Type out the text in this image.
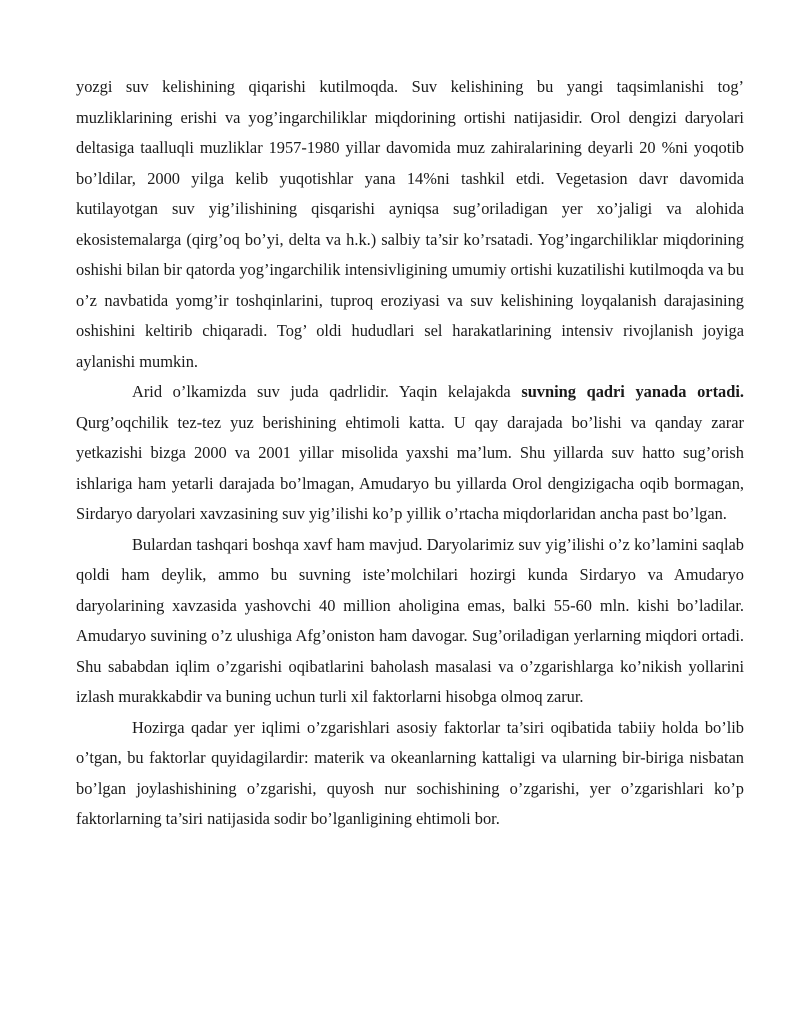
yozgi suv kelishining qiqarishi kutilmoqda. Suv kelishining bu yangi taqsimlanishi tog’ muzliklarining erishi va yog’ingarchiliklar miqdorining ortishi natijasidir. Orol dengizi daryolari deltasiga taalluqli muzliklar 1957-1980 yillar davomida muz zahiralarining deyarli 20 %ni yoqotib bo’ldilar, 2000 yilga kelib yuqotishlar yana 14%ni tashkil etdi. Vegetasion davr davomida kutilayotgan suv yig’ilishining qisqarishi ayniqsa sug’oriladigan yer xo’jaligi va alohida ekosistemalarga (qirg’oq bo’yi, delta va h.k.) salbiy ta’sir ko’rsatadi. Yog’ingarchiliklar miqdorining oshishi bilan bir qatorda yog’ingarchilik intensivligining umumiy ortishi kuzatilishi kutilmoqda va bu o’z navbatida yomg’ir toshqinlarini, tuproq eroziyasi va suv kelishining loyqalanish darajasining oshishini keltirib chiqaradi. Tog’ oldi hududlari sel harakatlarining intensiv rivojlanish joyiga aylanishi mumkin.

Arid o’lkamizda suv juda qadrlidir. Yaqin kelajakda suvning qadri yanada ortadi. Qurg’oqchilik tez-tez yuz berishining ehtimoli katta. U qay darajada bo’lishi va qanday zarar yetkazishi bizga 2000 va 2001 yillar misolida yaxshi ma’lum. Shu yillarda suv hatto sug’orish ishlariga ham yetarli darajada bo’lmagan, Amudaryo bu yillarda Orol dengizigacha oqib bormagan, Sirdaryo daryolari xavzasining suv yig’ilishi ko’p yillik o’rtacha miqdorlaridan ancha past bo’lgan.

Bulardan tashqari boshqa xavf ham mavjud. Daryolarimiz suv yig’ilishi o’z ko’lamini saqlab qoldi ham deylik, ammo bu suvning iste’molchilari hozirgi kunda Sirdaryo va Amudaryo daryolarining xavzasida yashovchi 40 million aholigina emas, balki 55-60 mln. kishi bo’ladilar. Amudaryo suvining o’z ulushiga Afg’oniston ham davogar. Sug’oriladigan yerlarning miqdori ortadi. Shu sababdan iqlim o’zgarishi oqibatlarini baholash masalasi va o’zgarishlarga ko’nikish yollarini izlash murakkabdir va buning uchun turli xil faktorlarni hisobga olmoq zarur.

Hozirga qadar yer iqlimi o’zgarishlari asosiy faktorlar ta’siri oqibatida tabiiy holda bo’lib o’tgan, bu faktorlar quyidagilardir: materik va okeanlarning kattaligi va ularning bir-biriga nisbatan bo’lgan joylashishining o’zgarishi, quyosh nur sochishining o’zgarishi, yer o’zgarishlari ko’p faktorlarning ta’siri natijasida sodir bo’lganligining ehtimoli bor.
